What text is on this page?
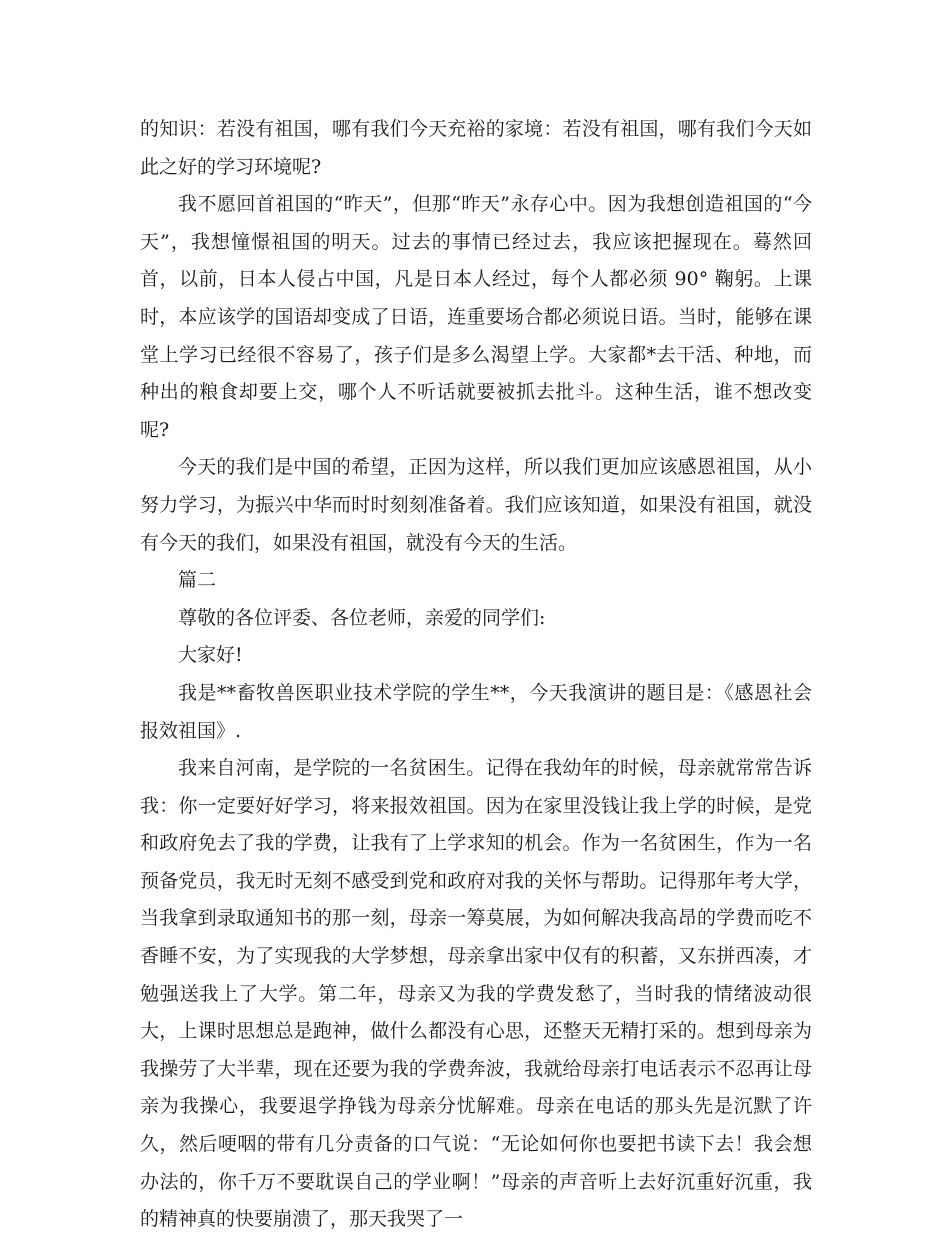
的知识：若没有祖国，哪有我们今天充裕的家境：若没有祖国，哪有我们今天如此之好的学习环境呢?

我不愿回首祖国的“昨天”，但那“昨天”永存心中。因为我想创造祖国的“今天”，我想憧憬祖国的明天。过去的事情已经过去，我应该把握现在。蓦然回首，以前，日本人侵占中国，凡是日本人经过，每个人都必须 90° 鞠躬。上课时，本应该学的国语却变成了日语，连重要场合都必须说日语。当时，能够在课堂上学习已经很不容易了，孩子们是多么渴望上学。大家都*去干活、种地，而种出的粮食却要上交，哪个人不听话就要被抓去批斗。这种生活，谁不想改变呢?

今天的我们是中国的希望，正因为这样，所以我们更加应该感恩祖国，从小努力学习，为振兴中华而时时刻刻准备着。我们应该知道，如果没有祖国，就没有今天的我们，如果没有祖国，就没有今天的生活。

篇二

尊敬的各位评委、各位老师，亲爱的同学们:

大家好!

我是**畜牧兽医职业技术学院的学生**，今天我演讲的题目是：《感恩社会报效祖国》.

我来自河南，是学院的一名贫困生。记得在我幼年的时候，母亲就常常告诉我：你一定要好好学习，将来报效祖国。因为在家里没钱让我上学的时候，是党和政府免去了我的学费，让我有了上学求知的机会。作为一名贫困生，作为一名预备党员，我无时无刻不感受到党和政府对我的关怀与帮助。记得那年考大学，当我拿到录取通知书的那一刻，母亲一筹莫展，为如何解决我高昂的学费而吃不香睡不安，为了实现我的大学梦想，母亲拿出家中仅有的积蓄，又东拼西凑，才勉强送我上了大学。第二年，母亲又为我的学费发愁了，当时我的情绪波动很大，上课时思想总是跑神，做什么都没有心思，还整天无精打采的。想到母亲为我操劳了大半辈，现在还要为我的学费奔波，我就给母亲打电话表示不忍再让母亲为我操心，我要退学挣钱为母亲分忧解难。母亲在电话的那头先是沉默了许久，然后哽咽的带有几分责备的口气说：“无论如何你也要把书读下去！我会想办法的，你千万不要耽误自己的学业啊！”母亲的声音听上去好沉重好沉重，我的精神真的快要崩溃了，那天我哭了一
